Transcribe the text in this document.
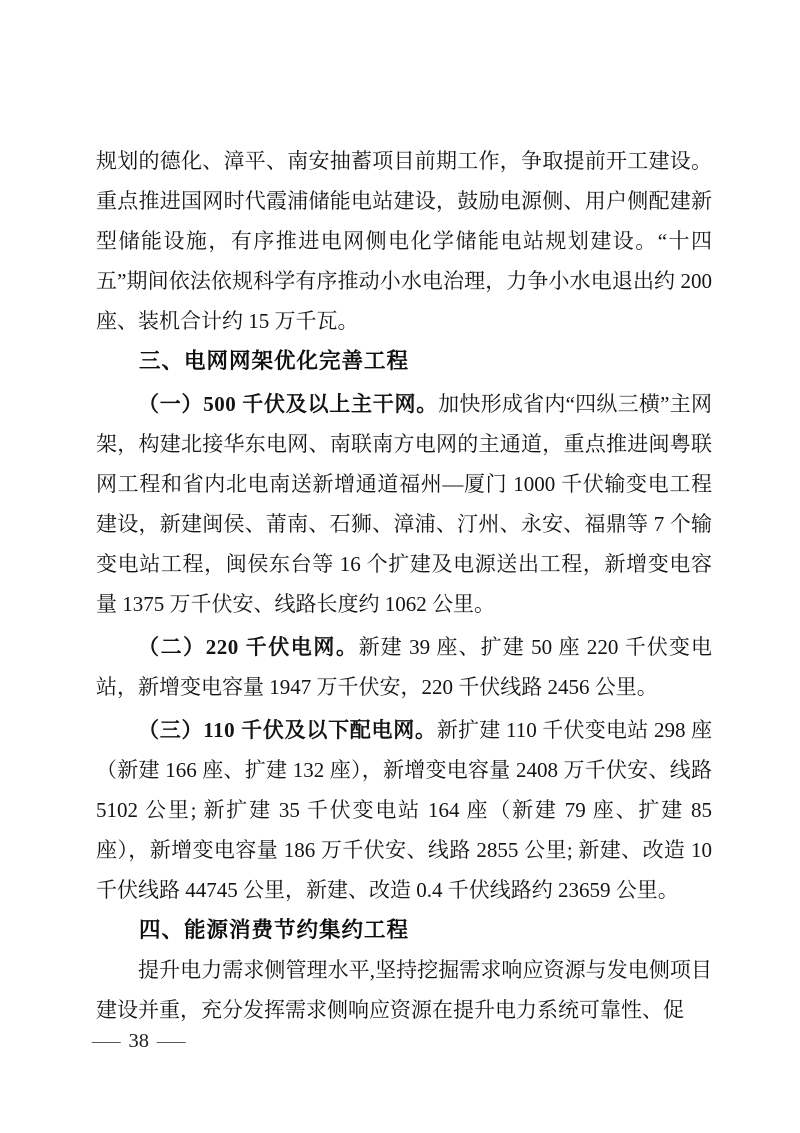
规划的德化、漳平、南安抽蓄项目前期工作，争取提前开工建设。重点推进国网时代霞浦储能电站建设，鼓励电源侧、用户侧配建新型储能设施，有序推进电网侧电化学储能电站规划建设。“十四五”期间依法依规科学有序推动小水电治理，力争小水电退出约 200 座、装机合计约 15 万千瓦。

三、电网网架优化完善工程

（一）500 千伏及以上主干网。加快形成省内“四纵三横”主网架，构建北接华东电网、南联南方电网的主通道，重点推进闽粤联网工程和省内北电南送新增通道福州—厦门 1000 千伏输变电工程建设，新建闽侯、莆南、石狮、漳浦、汀州、永安、福鼎等 7 个输变电站工程，闽侯东台等 16 个扩建及电源送出工程，新增变电容量 1375 万千伏安、线路长度约 1062 公里。

（二）220 千伏电网。新建 39 座、扩建 50 座 220 千伏变电站，新增变电容量 1947 万千伏安，220 千伏线路 2456 公里。

（三）110 千伏及以下配电网。新扩建 110 千伏变电站 298 座（新建 166 座、扩建 132 座），新增变电容量 2408 万千伏安、线路 5102 公里; 新扩建 35 千伏变电站 164 座（新建 79 座、扩建 85 座），新增变电容量 186 万千伏安、线路 2855 公里; 新建、改造 10 千伏线路 44745 公里，新建、改造 0.4 千伏线路约 23659 公里。

四、能源消费节约集约工程

提升电力需求侧管理水平,坚持挖掘需求响应资源与发电侧项目建设并重，充分发挥需求侧响应资源在提升电力系统可靠性、促

— 38 —
